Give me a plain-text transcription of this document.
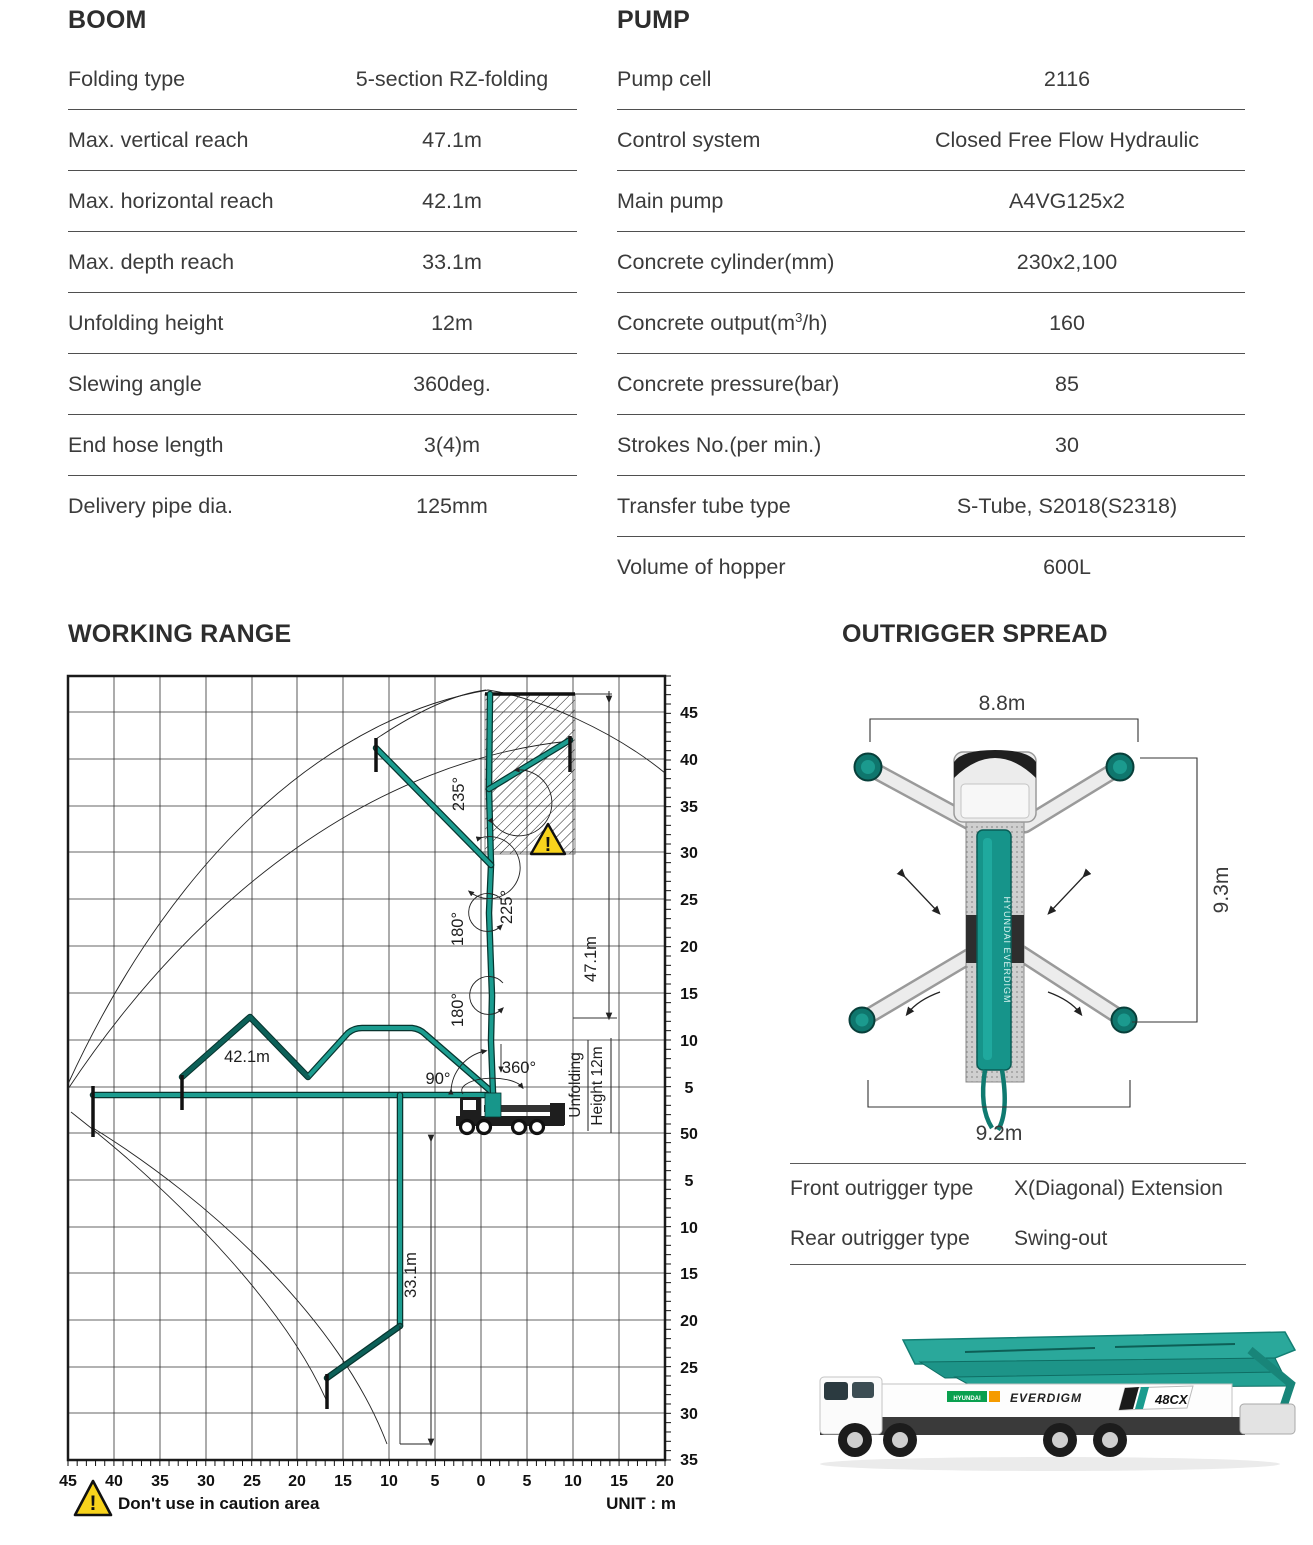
BOOM	PUMP
WORKING RANGE	OUTRIGGER SPREAD
Folding type	5-section RZ-folding
Max. vertical reach	47.1m
Max. horizontal reach	42.1m
Max. depth reach	33.1m
Unfolding height	12m
Slewing angle	360deg.
End hose length	3(4)m
Delivery pipe dia.	125mm
Pump cell	2116
Control system	Closed Free Flow Hydraulic
Main pump	A4VG125x2
Concrete cylinder(mm)	230x2,100
Concrete $output(m^3/h)$	160
Concrete pressure(bar)	85
Strokes No.(per min.)	30
Transfer tube type	S-Tube, S2018(S2318)
Volume of hopper	600L
235°
225°
180°
180°
90°
360°
42.1m
47.1m
33.1m
Unfolding Height 12m
!
45 40 35 30 25 20 15 10 5 0 5 10 15 20
45
40
35
30
25
20
15
10
5
50
5
10
15
20
25
30
35
! Don't use in caution area	UNIT : m
8.8m
HYUNDAI EVERDIGM
9.3m
9.2m
Front outrigger type	X(Diagonal) Extension
Rear outrigger type	Swing-out
HYUNDAI EVERDIGM	48CX
